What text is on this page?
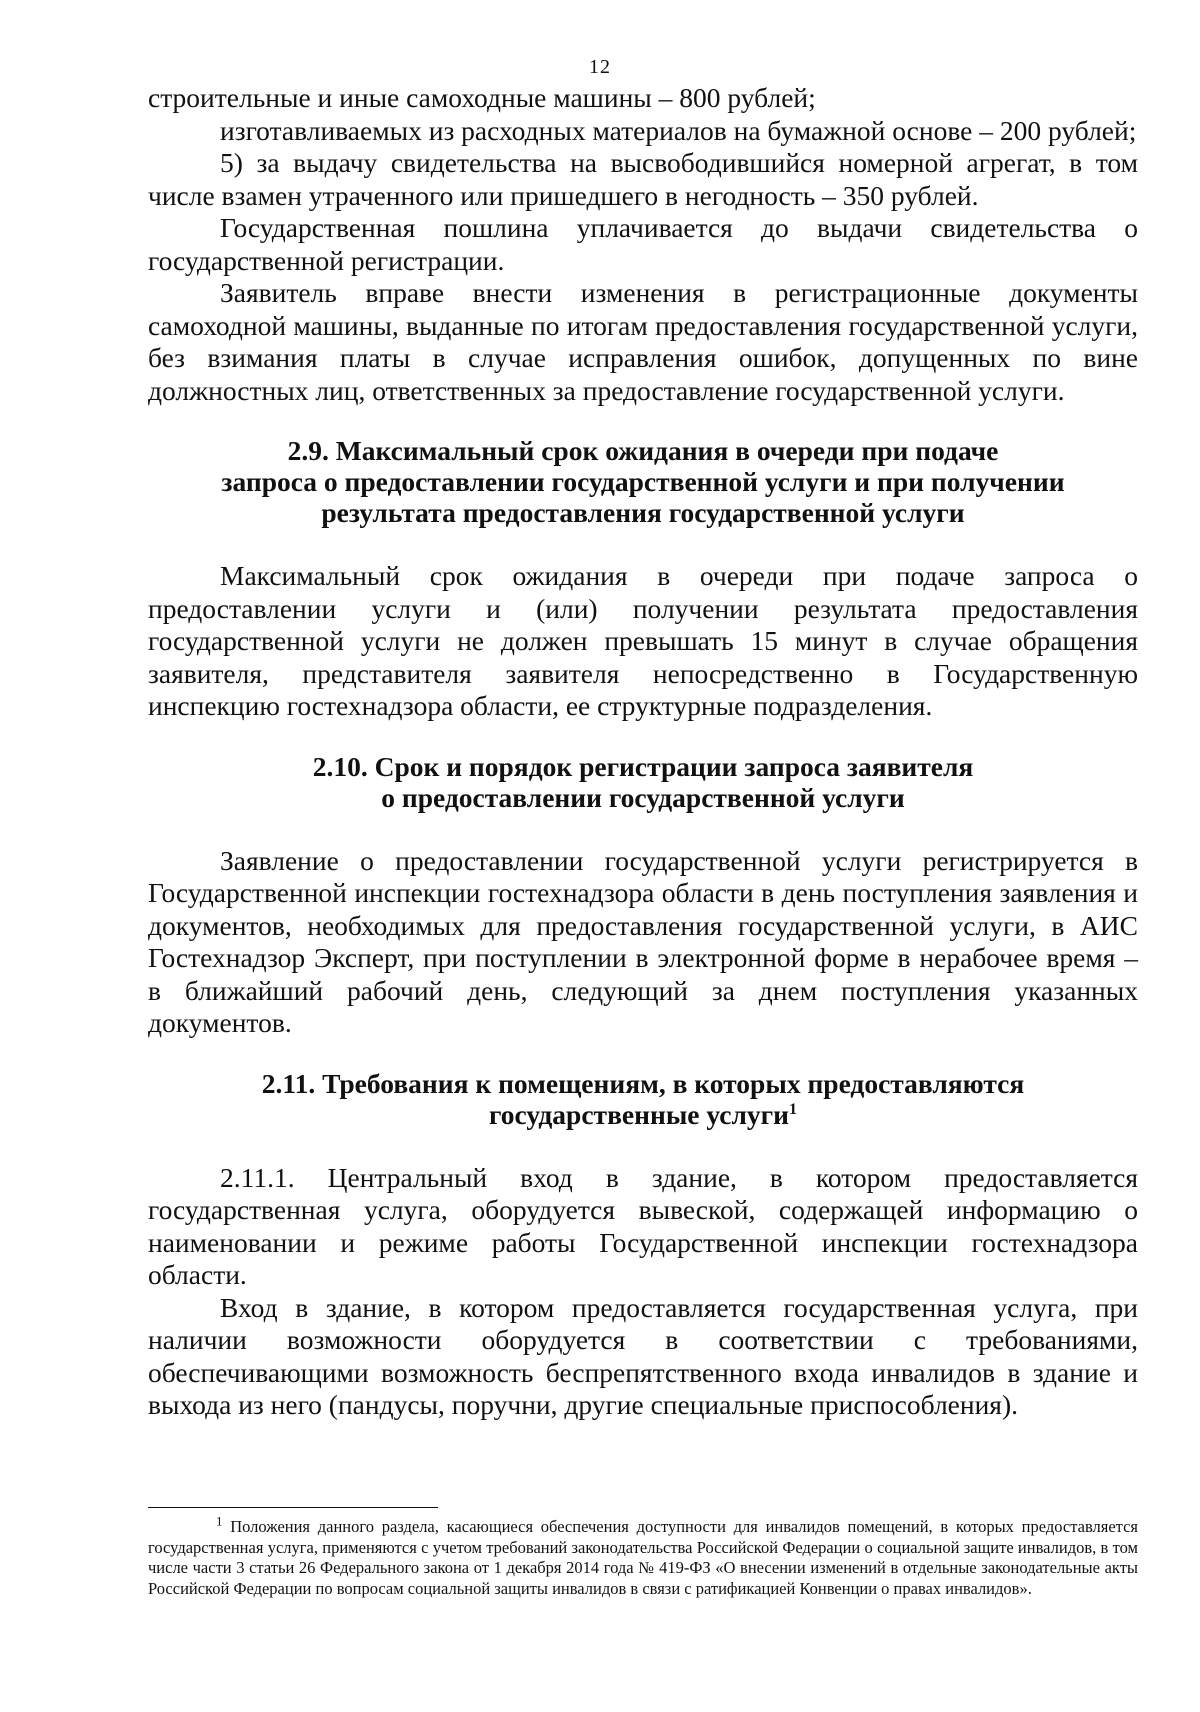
12

строительные и иные самоходные машины – 800 рублей;

изготавливаемых из расходных материалов на бумажной основе – 200 рублей;

5) за выдачу свидетельства на высвободившийся номерной агрегат, в том числе взамен утраченного или пришедшего в негодность – 350 рублей.

Государственная пошлина уплачивается до выдачи свидетельства о государственной регистрации.

Заявитель вправе внести изменения в регистрационные документы самоходной машины, выданные по итогам предоставления государственной услуги, без взимания платы в случае исправления ошибок, допущенных по вине должностных лиц, ответственных за предоставление государственной услуги.

2.9. Максимальный срок ожидания в очереди при подаче

запроса о предоставлении государственной услуги и при получении

результата предоставления государственной услуги

Максимальный срок ожидания в очереди при подаче запроса о предоставлении услуги и (или) получении результата предоставления государственной услуги не должен превышать 15 минут в случае обращения заявителя, представителя заявителя непосредственно в Государственную инспекцию гостехнадзора области, ее структурные подразделения.

2.10. Срок и порядок регистрации запроса заявителя

о предоставлении государственной услуги

Заявление о предоставлении государственной услуги регистрируется в Государственной инспекции гостехнадзора области в день поступления заявления и документов, необходимых для предоставления государственной услуги, в АИС Гостехнадзор Эксперт, при поступлении в электронной форме в нерабочее время – в ближайший рабочий день, следующий за днем поступления указанных документов.

2.11. Требования к помещениям, в которых предоставляются

государственные услуги$^1$

2.11.1. Центральный вход в здание, в котором предоставляется государственная услуга, оборудуется вывеской, содержащей информацию о наименовании и режиме работы Государственной инспекции гостехнадзора области.

Вход в здание, в котором предоставляется государственная услуга, при наличии возможности оборудуется в соответствии с требованиями, обеспечивающими возможность беспрепятственного входа инвалидов в здание и выхода из него (пандусы, поручни, другие специальные приспособления).

$^1$ Положения данного раздела, касающиеся обеспечения доступности для инвалидов помещений, в которых предоставляется государственная услуга, применяются с учетом требований законодательства Российской Федерации о социальной защите инвалидов, в том числе части 3 статьи 26 Федерального закона от 1 декабря 2014 года № 419-ФЗ «О внесении изменений в отдельные законодательные акты Российской Федерации по вопросам социальной защиты инвалидов в связи с ратификацией Конвенции о правах инвалидов».
